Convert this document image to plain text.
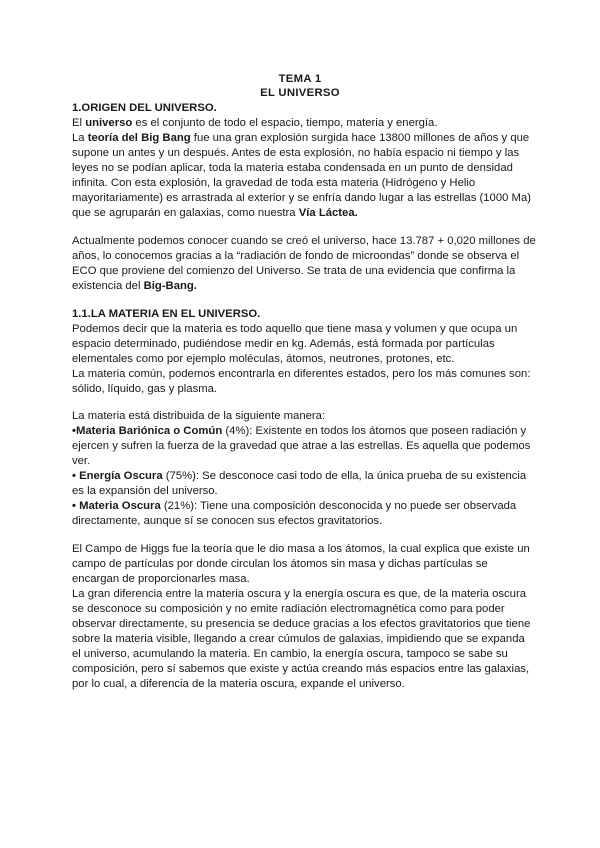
TEMA 1
EL UNIVERSO
1.ORIGEN DEL UNIVERSO.
El universo es el conjunto de todo el espacio, tiempo, materia y energía.
La teoría del Big Bang fue una gran explosión surgida hace 13800 millones de años y que
supone un antes y un después. Antes de esta explosión, no había espacio ni tiempo y las
leyes no se podían aplicar, toda la materia estaba condensada en un punto de densidad
infinita. Con esta explosión, la gravedad de toda esta materia (Hidrógeno y Helio
mayoritariamente) es arrastrada al exterior y se enfría dando lugar a las estrellas (1000 Ma)
que se agruparán en galaxias, como nuestra Vía Láctea.
Actualmente podemos conocer cuando se creó el universo, hace 13.787 + 0,020 millones de
años, lo conocemos gracias a la “radiación de fondo de microondas” donde se observa el
ECO que proviene del comienzo del Universo. Se trata de una evidencia que confirma la
existencia del Big-Bang.
1.1.LA MATERIA EN EL UNIVERSO.
Podemos decir que la materia es todo aquello que tiene masa y volumen y que ocupa un
espacio determinado, pudiéndose medir en kg. Además, está formada por partículas
elementales como por ejemplo moléculas, átomos, neutrones, protones, etc.
La materia común, podemos encontrarla en diferentes estados, pero los más comunes son:
sólido, líquido, gas y plasma.
La materia está distribuida de la siguiente manera:
•Materia Bariónica o Común (4%): Existente en todos los átomos que poseen radiación y
ejercen y sufren la fuerza de la gravedad que atrae a las estrellas. Es aquella que podemos
ver.
• Energía Oscura (75%): Se desconoce casi todo de ella, la única prueba de su existencia
es la expansión del universo.
• Materia Oscura (21%): Tiene una composición desconocida y no puede ser observada
directamente, aunque sí se conocen sus efectos gravitatorios.
El Campo de Higgs fue la teoría que le dio masa a los átomos, la cual explica que existe un
campo de partículas por donde circulan los átomos sin masa y dichas partículas se
encargan de proporcionarles masa.
La gran diferencia entre la materia oscura y la energía oscura es que, de la materia oscura
se desconoce su composición y no emite radiación electromagnética como para poder
observar directamente, su presencia se deduce gracias a los efectos gravitatorios que tiene
sobre la materia visible, llegando a crear cúmulos de galaxias, impidiendo que se expanda
el universo, acumulando la materia. En cambio, la energía oscura, tampoco se sabe su
composición, pero sí sabemos que existe y actúa creando más espacios entre las galaxias,
por lo cual, a diferencia de la materia oscura, expande el universo.
